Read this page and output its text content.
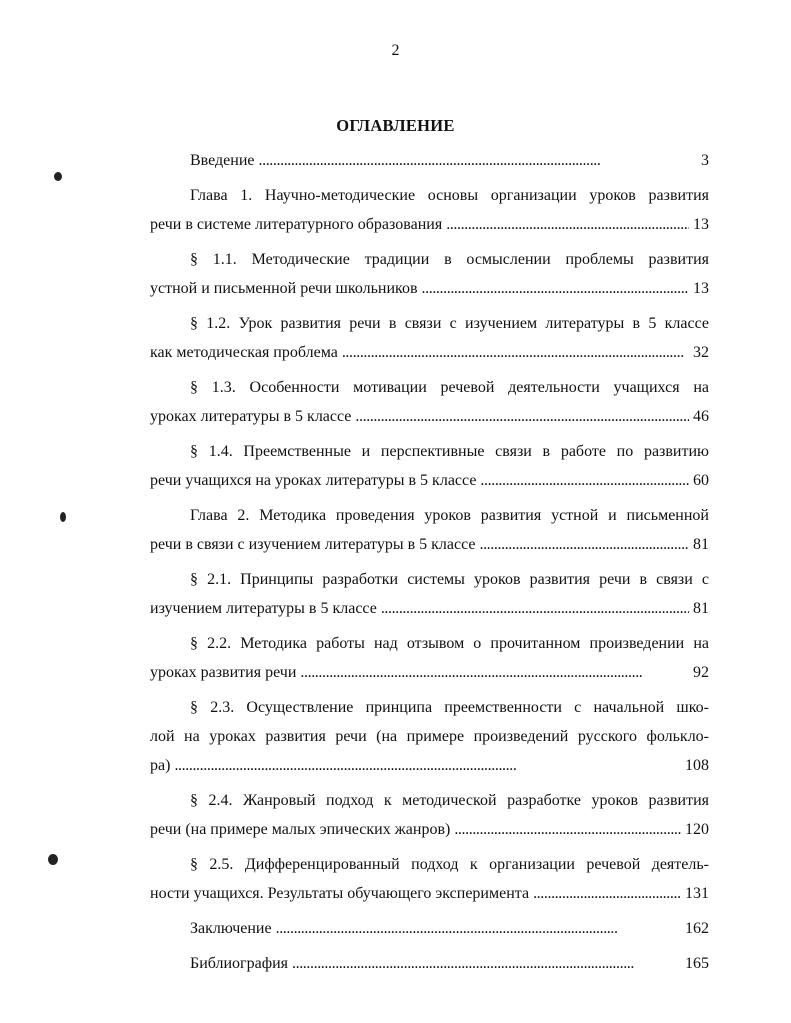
2
ОГЛАВЛЕНИЕ
Введение . . .	3
Глава 1. Научно-методические основы организации уроков развития
речи в системе литературного образования . . .	13
§ 1.1. Методические традиции в осмыслении проблемы развития
устной и письменной речи школьников . . .	13
§ 1.2. Урок развития речи в связи с изучением литературы в 5 классе
как методическая проблема . . .	32
§ 1.3. Особенности мотивации речевой деятельности учащихся на
уроках литературы в 5 классе . . .	46
§ 1.4. Преемственные и перспективные связи в работе по развитию
речи учащихся на уроках литературы в 5 классе . . .	60
Глава 2. Методика проведения уроков развития устной и письменной
речи в связи с изучением литературы в 5 классе . . .	81
§ 2.1. Принципы разработки системы уроков развития речи в связи с
изучением литературы в 5 классе . . .	81
§ 2.2. Методика работы над отзывом о прочитанном произведении на
уроках развития речи . . .	92
§ 2.3. Осуществление принципа преемственности с начальной шко-
лой на уроках развития речи (на примере произведений русского фолькло-
ра) . . .	108
§ 2.4. Жанровый подход к методической разработке уроков развития
речи (на примере малых эпических жанров) . . .	120
§ 2.5. Дифференцированный подход к организации речевой деятель-
ности учащихся. Результаты обучающего эксперимента . . .	131
Заключение . . .	162
Библиография . . .	165
